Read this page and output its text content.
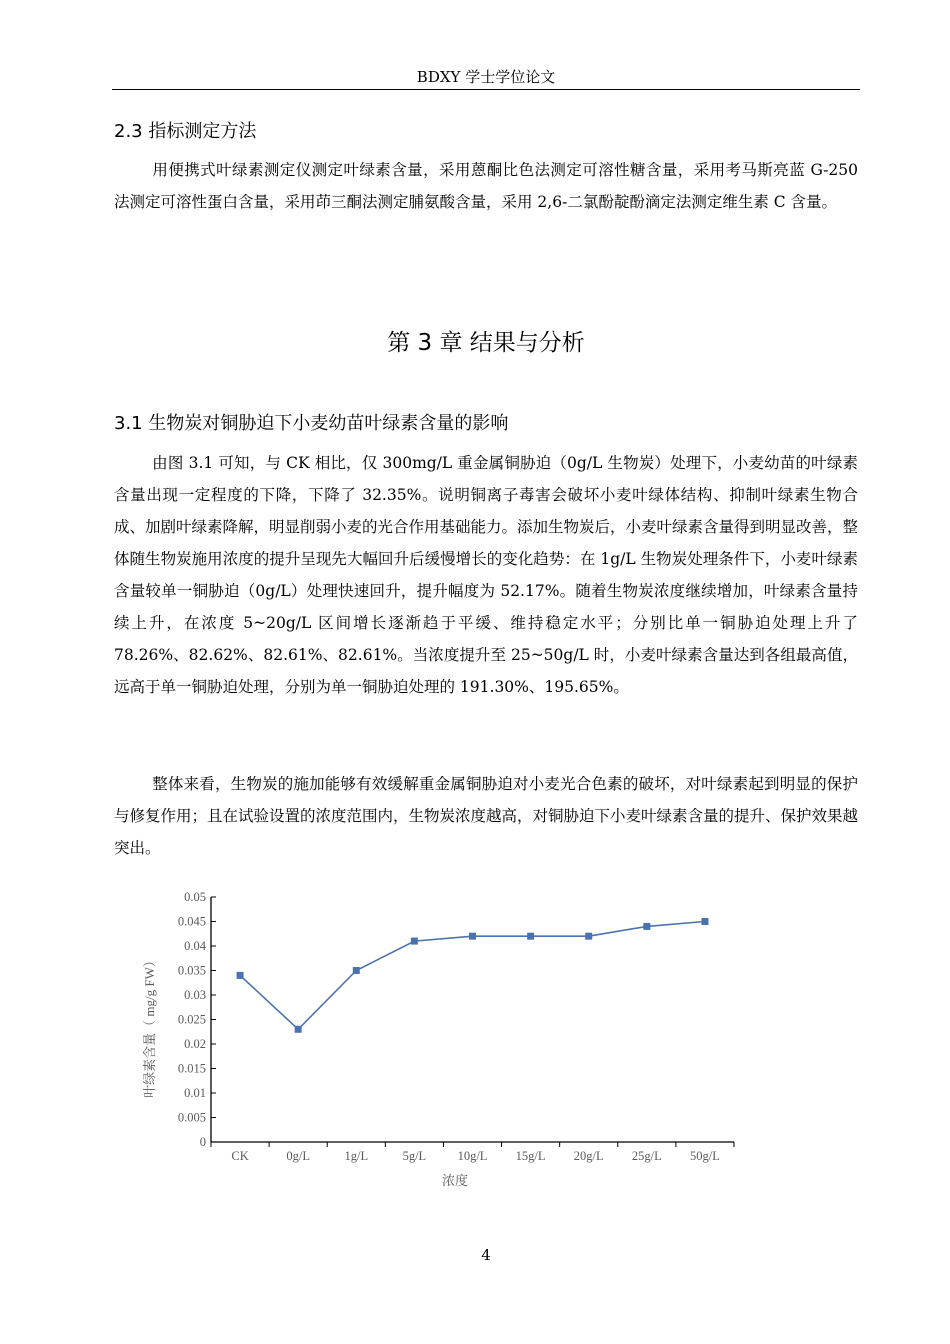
BDXY 学士学位论文
2.3 指标测定方法

用便携式叶绿素测定仪测定叶绿素含量，采用蒽酮比色法测定可溶性糖含量，采用考马斯亮蓝 G-250 法测定可溶性蛋白含量，采用茚三酮法测定脯氨酸含量，采用 2,6-二氯酚靛酚滴定法测定维生素 C 含量。

第 3 章 结果与分析
3.1 生物炭对铜胁迫下小麦幼苗叶绿素含量的影响

由图 3.1 可知，与 CK 相比，仅 300mg/L 重金属铜胁迫（0g/L 生物炭）处理下，小麦幼苗的叶绿素含量出现一定程度的下降，下降了 32.35%。说明铜离子毒害会破坏小麦叶绿体结构、抑制叶绿素生物合成、加剧叶绿素降解，明显削弱小麦的光合作用基础能力。添加生物炭后，小麦叶绿素含量得到明显改善，整体随生物炭施用浓度的提升呈现先大幅回升后缓慢增长的变化趋势：在 1g/L 生物炭处理条件下，小麦叶绿素含量较单一铜胁迫（0g/L）处理快速回升，提升幅度为 52.17%。随着生物炭浓度继续增加，叶绿素含量持续上升，在浓度 5~20g/L 区间增长逐渐趋于平缓、维持稳定水平；分别比单一铜胁迫处理上升了 78.26%、82.62%、82.61%、82.61%。当浓度提升至 25~50g/L 时，小麦叶绿素含量达到各组最高值，远高于单一铜胁迫处理，分别为单一铜胁迫处理的 191.30%、195.65%。

整体来看，生物炭的施加能够有效缓解重金属铜胁迫对小麦光合色素的破坏，对叶绿素起到明显的保护与修复作用；且在试验设置的浓度范围内，生物炭浓度越高，对铜胁迫下小麦叶绿素含量的提升、保护效果越突出。

0
0.005
0.01
0.015
0.02
0.025
0.03
0.035
0.04
0.045
0.05
CK	0g/L	1g/L	5g/L	10g/L 15g/L 20g/L 25g/L 50g/L
浓度
叶绿素含量（ mg/g FW）
4
